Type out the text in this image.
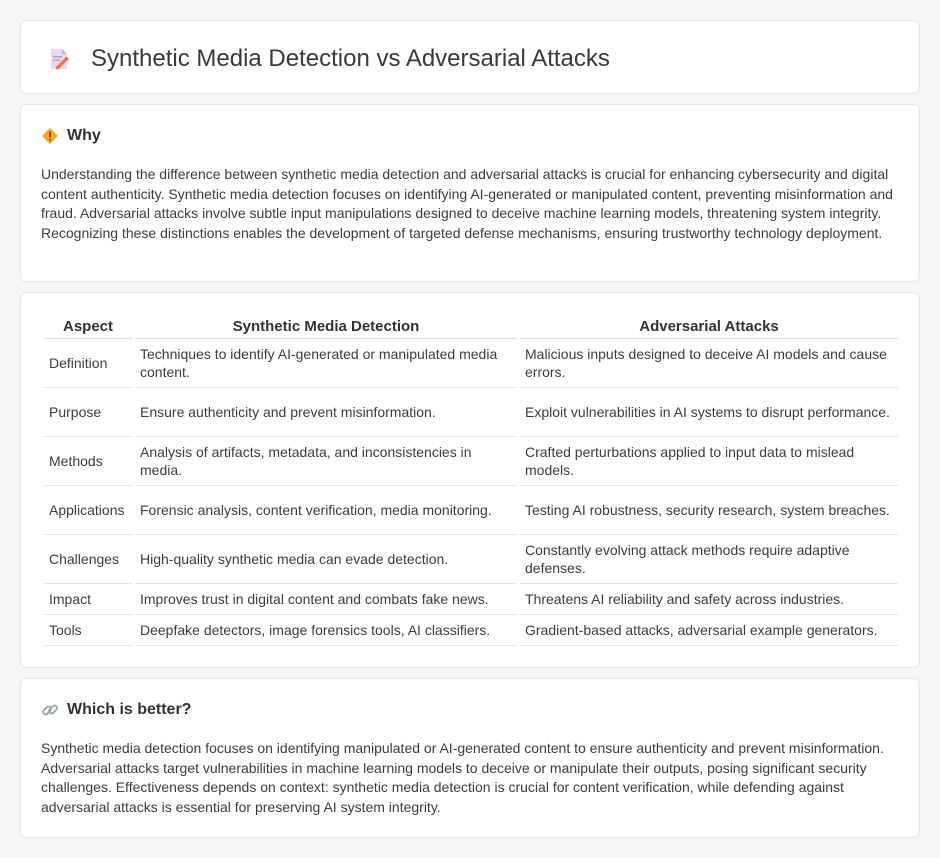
Synthetic Media Detection vs Adversarial Attacks
Why

Understanding the difference between synthetic media detection and adversarial attacks is crucial for enhancing cybersecurity and digital content authenticity. Synthetic media detection focuses on identifying AI-generated or manipulated content, preventing misinformation and fraud. Adversarial attacks involve subtle input manipulations designed to deceive machine learning models, threatening system integrity. Recognizing these distinctions enables the development of targeted defense mechanisms, ensuring trustworthy technology deployment.

Aspect	Synthetic Media Detection	Adversarial Attacks
Definition	Techniques to identify AI-generated or manipulated media content.	Malicious inputs designed to deceive AI models and cause errors.
Purpose	Ensure authenticity and prevent misinformation.	Exploit vulnerabilities in AI systems to disrupt performance.
Methods	Analysis of artifacts, metadata, and inconsistencies in media.	Crafted perturbations applied to input data to mislead models.
Applications	Forensic analysis, content verification, media monitoring.	Testing AI robustness, security research, system breaches.
Challenges	High-quality synthetic media can evade detection.	Constantly evolving attack methods require adaptive defenses.
Impact	Improves trust in digital content and combats fake news.	Threatens AI reliability and safety across industries.
Tools	Deepfake detectors, image forensics tools, AI classifiers.	Gradient-based attacks, adversarial example generators.
Which is better?

Synthetic media detection focuses on identifying manipulated or AI-generated content to ensure authenticity and prevent misinformation. Adversarial attacks target vulnerabilities in machine learning models to deceive or manipulate their outputs, posing significant security challenges. Effectiveness depends on context: synthetic media detection is crucial for content verification, while defending against adversarial attacks is essential for preserving AI system integrity.
